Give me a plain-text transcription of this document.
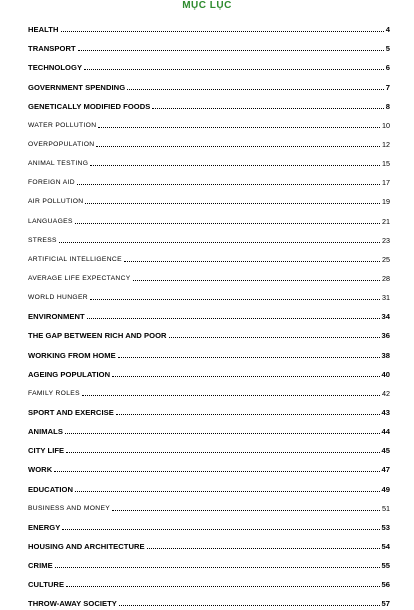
MỤC LỤC
HEALTH	4
TRANSPORT	5
TECHNOLOGY	6
GOVERNMENT SPENDING	7
GENETICALLY MODIFIED FOODS	8
WATER POLLUTION	10
OVERPOPULATION	12
ANIMAL TESTING	15
FOREIGN AID	17
AIR POLLUTION	19
LANGUAGES	21
STRESS	23
ARTIFICIAL INTELLIGENCE	25
AVERAGE LIFE EXPECTANCY	28
WORLD HUNGER	31
ENVIRONMENT	34
THE GAP BETWEEN RICH AND POOR	36
WORKING FROM HOME	38
AGEING POPULATION	40
FAMILY ROLES	42
SPORT AND EXERCISE	43
ANIMALS	44
CITY LIFE	45
WORK	47
EDUCATION	49
BUSINESS AND MONEY	51
ENERGY	53
HOUSING AND ARCHITECTURE	54
CRIME	55
CULTURE	56
THROW-AWAY SOCIETY	57
